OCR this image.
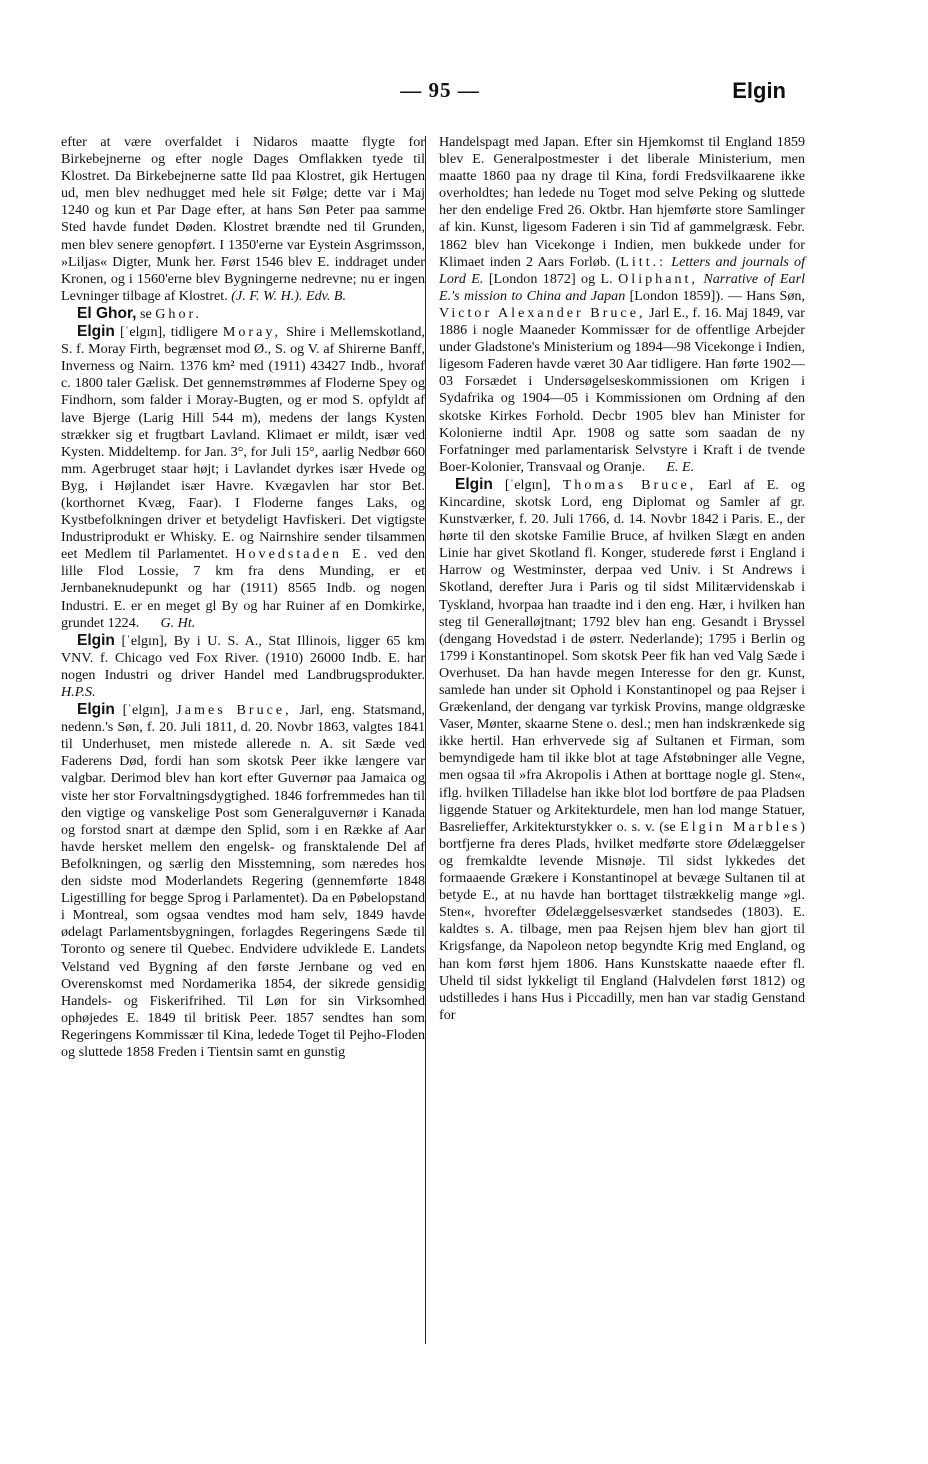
— 95 —	Elgin

efter at være overfaldet i Nidaros maatte flygte for Birkebejnerne og efter nogle Dages Omflakken tyede til Klostret. Da Birkebejnerne satte Ild paa Klostret, gik Hertugen ud, men blev nedhugget med hele sit Følge; dette var i Maj 1240 og kun et Par Dage efter, at hans Søn Peter paa samme Sted havde fundet Døden. Klostret brændte ned til Grunden, men blev senere genopført. I 1350'erne var Eystein Asgrimsson, »Liljas« Digter, Munk her. Først 1546 blev E. inddraget under Kronen, og i 1560'erne blev Bygningerne nedrevne; nu er ingen Levninger tilbage af Klostret. (J. F. W. H.). Edv. B.

El Ghor, se Ghor.

Elgin [ˈelgɪn], tidligere Moray, Shire i Mellemskotland, S. f. Moray Firth, begrænset mod Ø., S. og V. af Shirerne Banff, Inverness og Nairn. 1376 km² med (1911) 43427 Indb., hvoraf c. 1800 taler Gælisk. Det gennemstrømmes af Floderne Spey og Findhorn, som falder i Moray-Bugten, og er mod S. opfyldt af lave Bjerge (Larig Hill 544 m), medens der langs Kysten strækker sig et frugtbart Lavland. Klimaet er mildt, især ved Kysten. Middeltemp. for Jan. 3°, for Juli 15°, aarlig Nedbør 660 mm. Agerbruget staar højt; i Lavlandet dyrkes især Hvede og Byg, i Højlandet især Havre. Kvægavlen har stor Bet. (korthornet Kvæg, Faar). I Floderne fanges Laks, og Kystbefolkningen driver et betydeligt Havfiskeri. Det vigtigste Industriprodukt er Whisky. E. og Nairnshire sender tilsammen eet Medlem til Parlamentet. Hovedstaden E. ved den lille Flod Lossie, 7 km fra dens Munding, er et Jernbaneknudepunkt og har (1911) 8565 Indb. og nogen Industri. E. er en meget gl By og har Ruiner af en Domkirke, grundet 1224. G. Ht.

Elgin [ˈelgɪn], By i U. S. A., Stat Illinois, ligger 65 km VNV. f. Chicago ved Fox River. (1910) 26000 Indb. E. har nogen Industri og driver Handel med Landbrugsprodukter. H.P.S.

Elgin [ˈelgɪn], James Bruce, Jarl, eng. Statsmand, nedenn.'s Søn, f. 20. Juli 1811, d. 20. Novbr 1863, valgtes 1841 til Underhuset, men mistede allerede n. A. sit Sæde ved Faderens Død, fordi han som skotsk Peer ikke længere var valgbar. Derimod blev han kort efter Guvernør paa Jamaica og viste her stor Forvaltningsdygtighed. 1846 forfremmedes han til den vigtige og vanskelige Post som Generalguvernør i Kanada og forstod snart at dæmpe den Splid, som i en Række af Aar havde hersket mellem den engelsk- og fransktalende Del af Befolkningen, og særlig den Misstemning, som næredes hos den sidste mod Moderlandets Regering (gennemførte 1848 Ligestilling for begge Sprog i Parlamentet). Da en Pøbelopstand i Montreal, som ogsaa vendtes mod ham selv, 1849 havde ødelagt Parlamentsbygningen, forlagdes Regeringens Sæde til Toronto og senere til Quebec. Endvidere udviklede E. Landets Velstand ved Bygning af den første Jernbane og ved en Overenskomst med Nordamerika 1854, der sikrede gensidig Handels- og Fiskerifrihed. Til Løn for sin Virksomhed ophøjedes E. 1849 til britisk Peer. 1857 sendtes han som Regeringens Kommissær til Kina, ledede Toget til Pejho-Floden og sluttede 1858 Freden i Tientsin samt en gunstig

Handelspagt med Japan. Efter sin Hjemkomst til England 1859 blev E. Generalpostmester i det liberale Ministerium, men maatte 1860 paa ny drage til Kina, fordi Fredsvilkaarene ikke overholdtes; han ledede nu Toget mod selve Peking og sluttede her den endelige Fred 26. Oktbr. Han hjemførte store Samlinger af kin. Kunst, ligesom Faderen i sin Tid af gammelgræsk. Febr. 1862 blev han Vicekonge i Indien, men bukkede under for Klimaet inden 2 Aars Forløb. (Litt.: Letters and journals of Lord E. [London 1872] og L. Oliphant, Narrative of Earl E.'s mission to China and Japan [London 1859]). — Hans Søn, Victor Alexander Bruce, Jarl E., f. 16. Maj 1849, var 1886 i nogle Maaneder Kommissær for de offentlige Arbejder under Gladstone's Ministerium og 1894—98 Vicekonge i Indien, ligesom Faderen havde været 30 Aar tidligere. Han førte 1902—03 Forsædet i Undersøgelseskommissionen om Krigen i Sydafrika og 1904—05 i Kommissionen om Ordning af den skotske Kirkes Forhold. Decbr 1905 blev han Minister for Kolonierne indtil Apr. 1908 og satte som saadan de ny Forfatninger med parlamentarisk Selvstyre i Kraft i de tvende Boer-Kolonier, Transvaal og Oranje. E. E.

Elgin [ˈelgɪn], Thomas Bruce, Earl af E. og Kincardine, skotsk Lord, eng Diplomat og Samler af gr. Kunstværker, f. 20. Juli 1766, d. 14. Novbr 1842 i Paris. E., der hørte til den skotske Familie Bruce, af hvilken Slægt en anden Linie har givet Skotland fl. Konger, studerede først i England i Harrow og Westminster, derpaa ved Univ. i St Andrews i Skotland, derefter Jura i Paris og til sidst Militærvidenskab i Tyskland, hvorpaa han traadte ind i den eng. Hær, i hvilken han steg til Generalløjtnant; 1792 blev han eng. Gesandt i Bryssel (dengang Hovedstad i de østerr. Nederlande); 1795 i Berlin og 1799 i Konstantinopel. Som skotsk Peer fik han ved Valg Sæde i Overhuset. Da han havde megen Interesse for den gr. Kunst, samlede han under sit Ophold i Konstantinopel og paa Rejser i Grækenland, der dengang var tyrkisk Provins, mange oldgræske Vaser, Mønter, skaarne Stene o. desl.; men han indskrænkede sig ikke hertil. Han erhvervede sig af Sultanen et Firman, som bemyndigede ham til ikke blot at tage Afstøbninger alle Vegne, men ogsaa til »fra Akropolis i Athen at borttage nogle gl. Sten«, iflg. hvilken Tilladelse han ikke blot lod bortføre de paa Pladsen liggende Statuer og Arkitekturdele, men han lod mange Statuer, Basrelieffer, Arkitekturstykker o. s. v. (se Elgin Marbles) bortfjerne fra deres Plads, hvilket medførte store Ødelæggelser og fremkaldte levende Misnøje. Til sidst lykkedes det formaaende Grækere i Konstantinopel at bevæge Sultanen til at betyde E., at nu havde han borttaget tilstrækkelig mange »gl. Sten«, hvorefter Ødelæggelsesværket standsedes (1803). E. kaldtes s. A. tilbage, men paa Rejsen hjem blev han gjort til Krigsfange, da Napoleon netop begyndte Krig med England, og han kom først hjem 1806. Hans Kunstskatte naaede efter fl. Uheld til sidst lykkeligt til England (Halvdelen først 1812) og udstilledes i hans Hus i Piccadilly, men han var stadig Genstand for
